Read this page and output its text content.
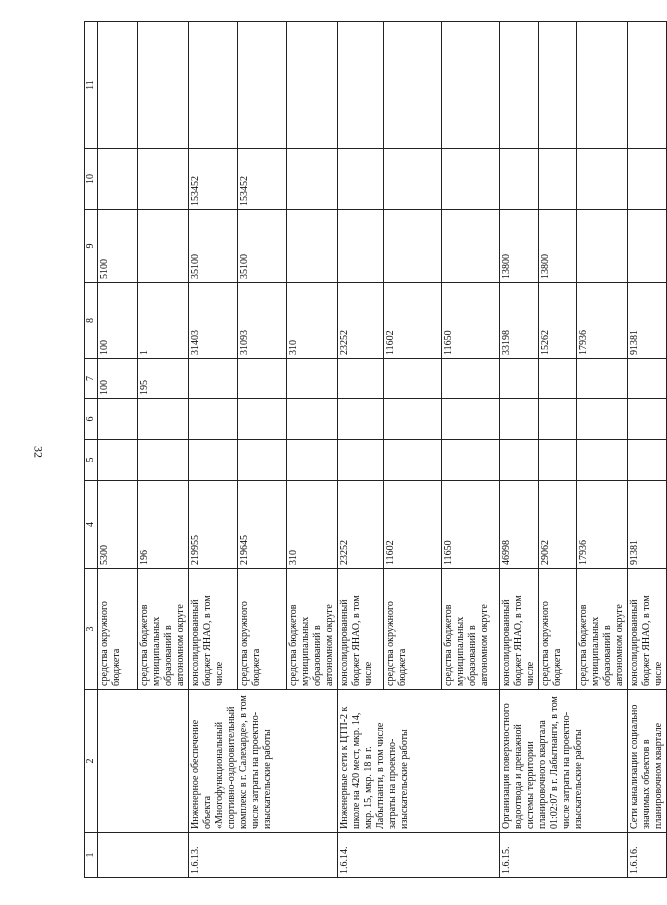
32
1	2	3	4	5	6	7	8	9	10	11
		средства окружного бюджета	5300			100	100	5100		
		средства бюджетов муниципальных образований в автономном округе	196			195	1			
1.6.13.	Инженерное обеспечение объекта «Многофункциональный спортивно-оздоровительный комплекс в г. Салехарде», в том числе затраты на проектно-изыскательские работы	консолидированный бюджет ЯНАО, в том числе	219955				31403	35100	153452	
		средства окружного бюджета	219645				31093	35100	153452	
		средства бюджетов муниципальных образований в автономном округе	310				310			
1.6.14.	Инженерные сети к ЦТП-2 к школе на 420 мест, мкр. 14, мкр. 15, мкр. 18 в г. Лабытнанги, в том числе затраты на проектно-изыскательские работы	консолидированный бюджет ЯНАО, в том числе	23252				23252			
		средства окружного бюджета	11602				11602			
		средства бюджетов муниципальных образований в автономном округе	11650				11650			
1.6.15.	Организация поверхностного водоотвода и дренажной системы территории планировочного квартала 01:02:07 в г. Лабытнанги, в том числе затраты на проектно-изыскательские работы	консолидированный бюджет ЯНАО, в том числе	46998				33198	13800		
		средства окружного бюджета	29062				15262	13800		
		средства бюджетов муниципальных образований в автономном округе	17936				17936			
1.6.16.	Сети канализации социально значимых объектов в планировочном квартале	консолидированный бюджет ЯНАО, в том числе	91381				91381			
